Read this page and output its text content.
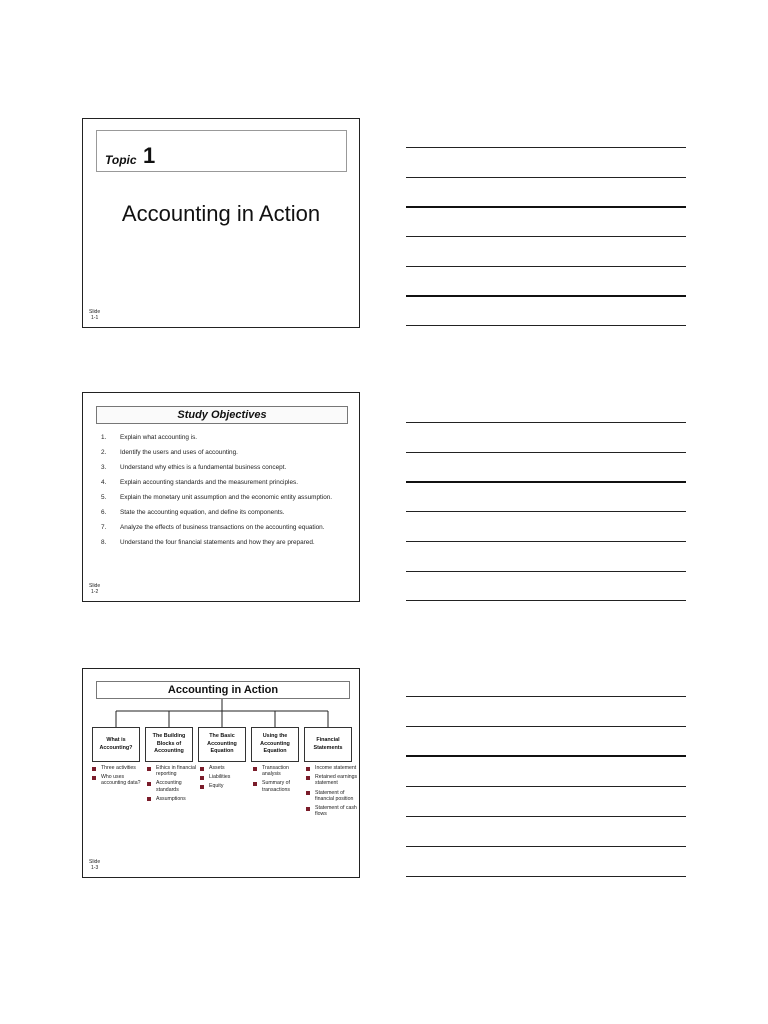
Topic 1
Accounting in Action
Slide
1-1
Study Objectives
1. Explain what accounting is.
2. Identify the users and uses of accounting.
3. Understand why ethics is a fundamental business concept.
4. Explain accounting standards and the measurement principles.
5. Explain the monetary unit assumption and the economic entity assumption.
6. State the accounting equation, and define its components.
7. Analyze the effects of business transactions on the accounting equation.
8. Understand the four financial statements and how they are prepared.
Slide
1-2
Accounting in Action
What is Accounting?
The Building Blocks of Accounting
The Basic Accounting Equation
Using the Accounting Equation
Financial Statements
Three activities
Who uses accounting data?
Ethics in financial reporting
Accounting standards
Assumptions
Assets
Liabilities
Equity
Transaction analysis
Summary of transactions
Income statement
Retained earnings statement
Statement of financial position
Statement of cash flows
Slide
1-3
